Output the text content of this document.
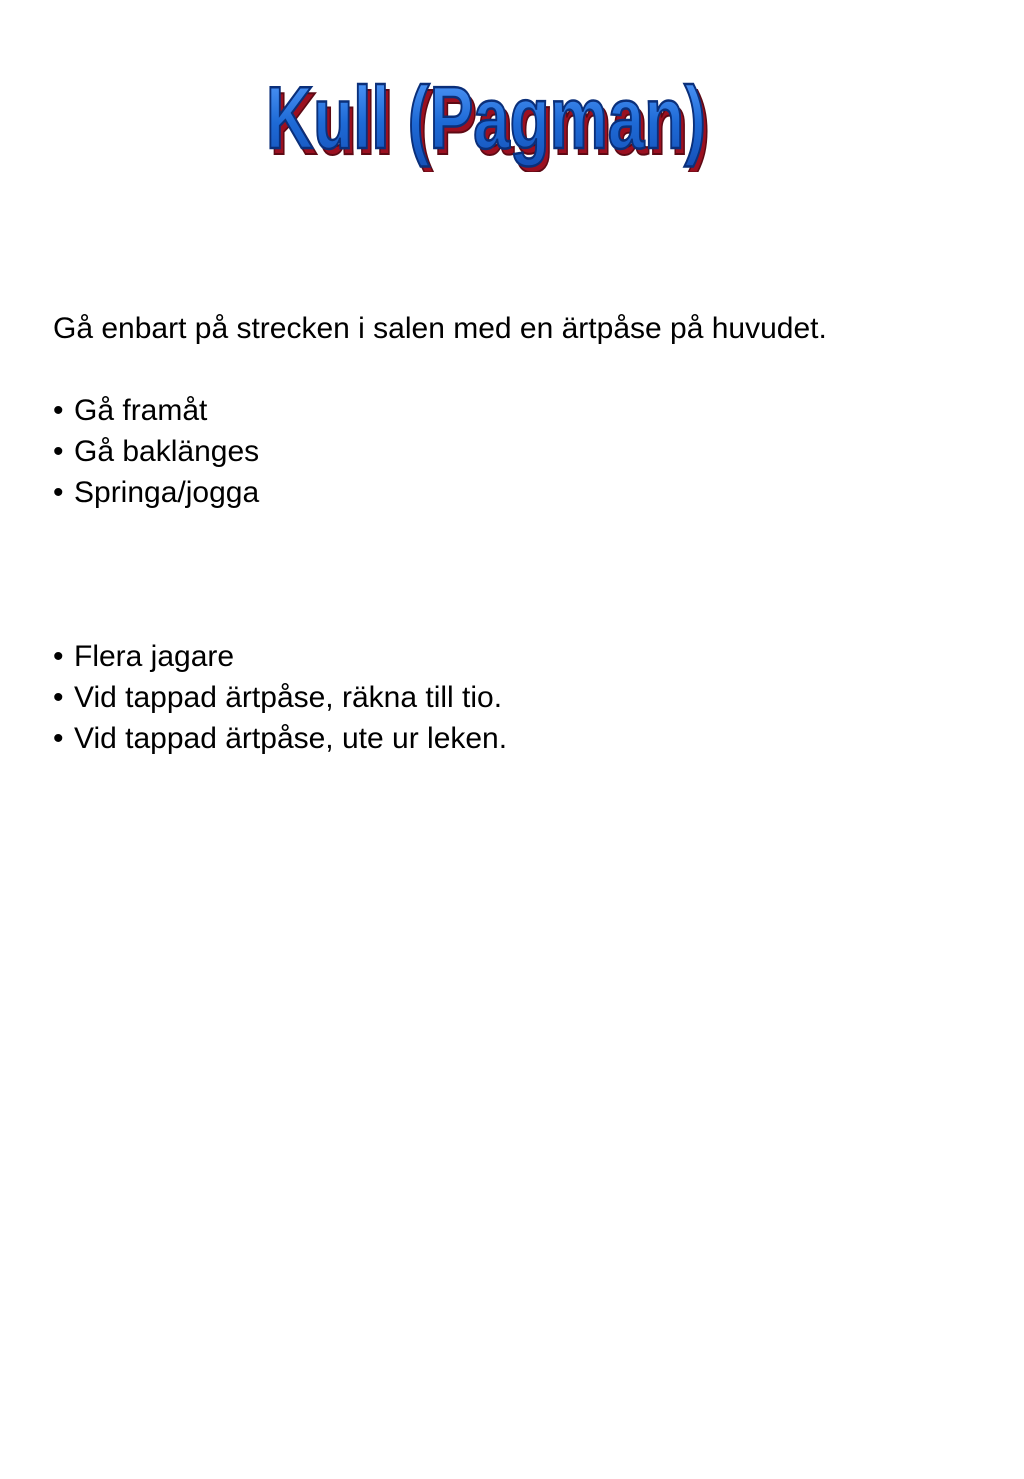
Kull (Pagman)
Kull (Pagman)

Gå enbart på strecken i salen med en ärtpåse på huvudet.

• Gå framåt
• Gå baklänges
• Springa/jogga
• Flera jagare
• Vid tappad ärtpåse, räkna till tio.
• Vid tappad ärtpåse, ute ur leken.
